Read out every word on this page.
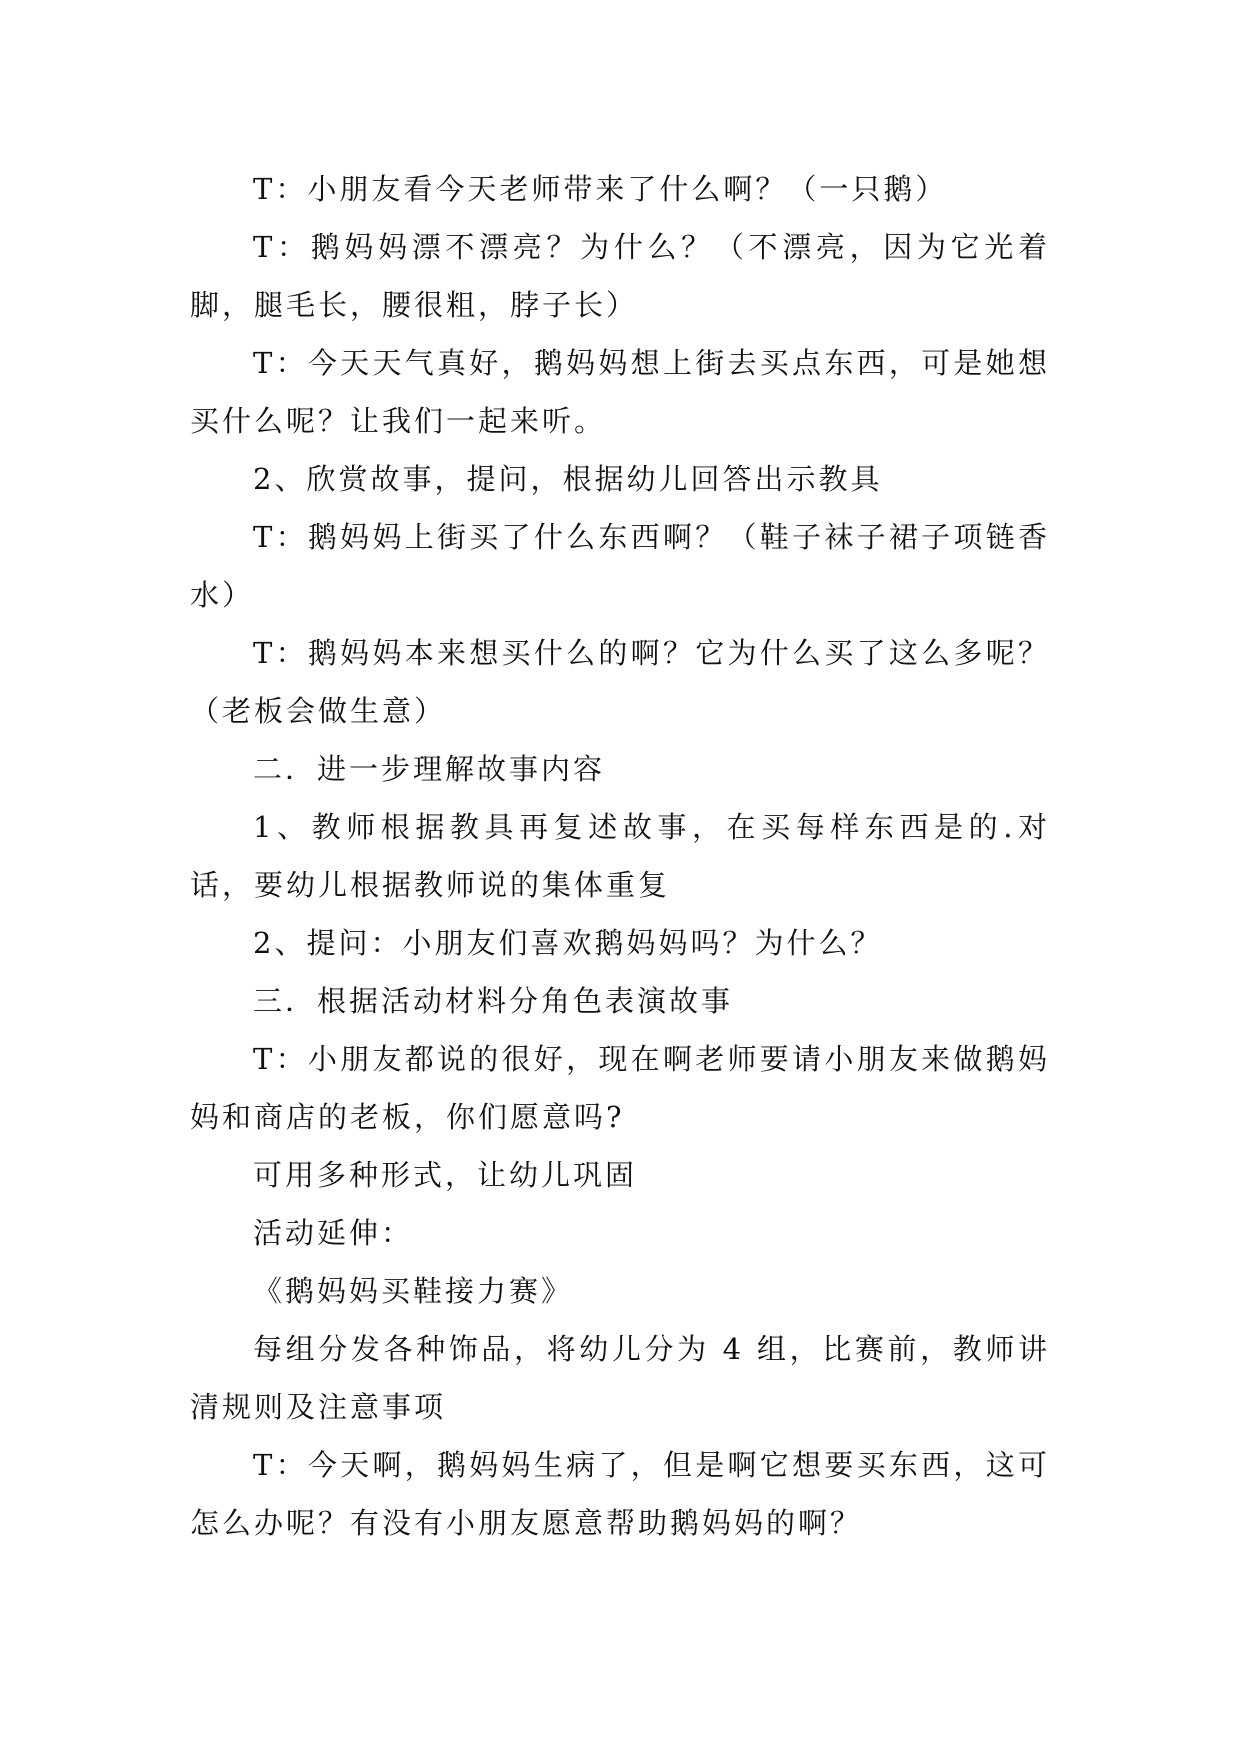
T：小朋友看今天老师带来了什么啊？（一只鹅）

T：鹅妈妈漂不漂亮？为什么？（不漂亮，因为它光着脚，腿毛长，腰很粗，脖子长）

T：今天天气真好，鹅妈妈想上街去买点东西，可是她想买什么呢？让我们一起来听。

2、欣赏故事，提问，根据幼儿回答出示教具

T：鹅妈妈上街买了什么东西啊？（鞋子袜子裙子项链香水）

T：鹅妈妈本来想买什么的啊？它为什么买了这么多呢？（老板会做生意）

二．进一步理解故事内容

1、教师根据教具再复述故事，在买每样东西是的.对话，要幼儿根据教师说的集体重复

2、提问：小朋友们喜欢鹅妈妈吗？为什么？

三．根据活动材料分角色表演故事

T：小朋友都说的很好，现在啊老师要请小朋友来做鹅妈妈和商店的老板，你们愿意吗?

可用多种形式，让幼儿巩固

活动延伸：

《鹅妈妈买鞋接力赛》

每组分发各种饰品，将幼儿分为 4 组，比赛前，教师讲清规则及注意事项

T：今天啊，鹅妈妈生病了，但是啊它想要买东西，这可怎么办呢？有没有小朋友愿意帮助鹅妈妈的啊？
